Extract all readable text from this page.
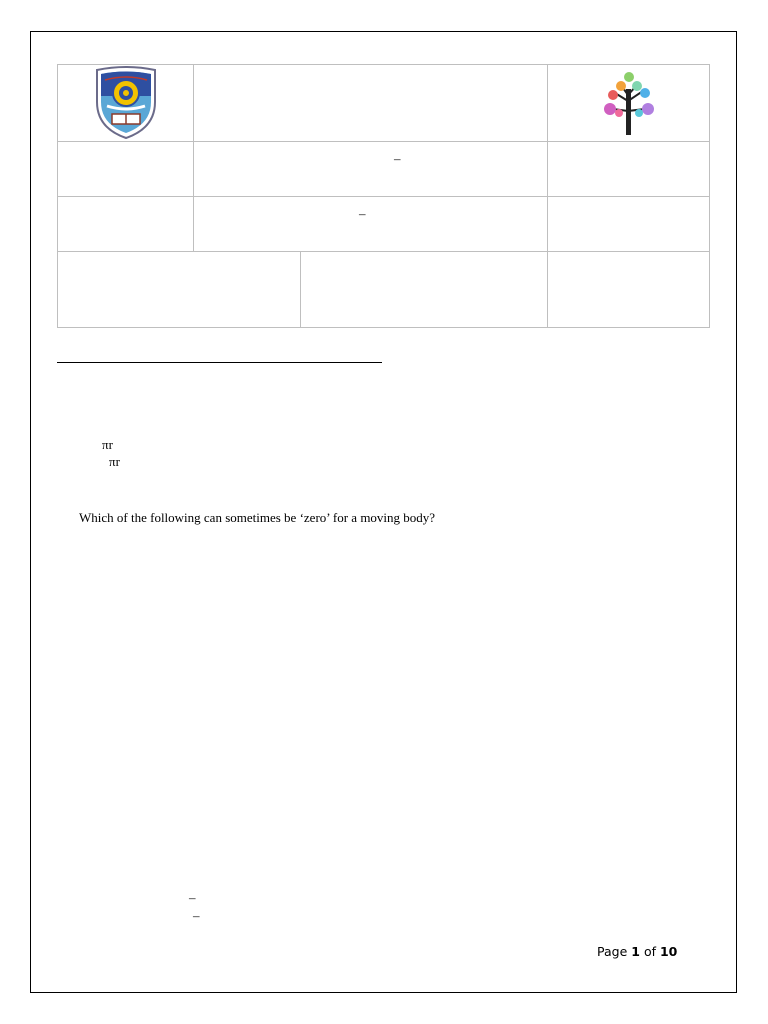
	–		

	–		

πr
πr
Which of the following can sometimes be ‘zero’ for a moving body?
–
–
Page 1 of 10
